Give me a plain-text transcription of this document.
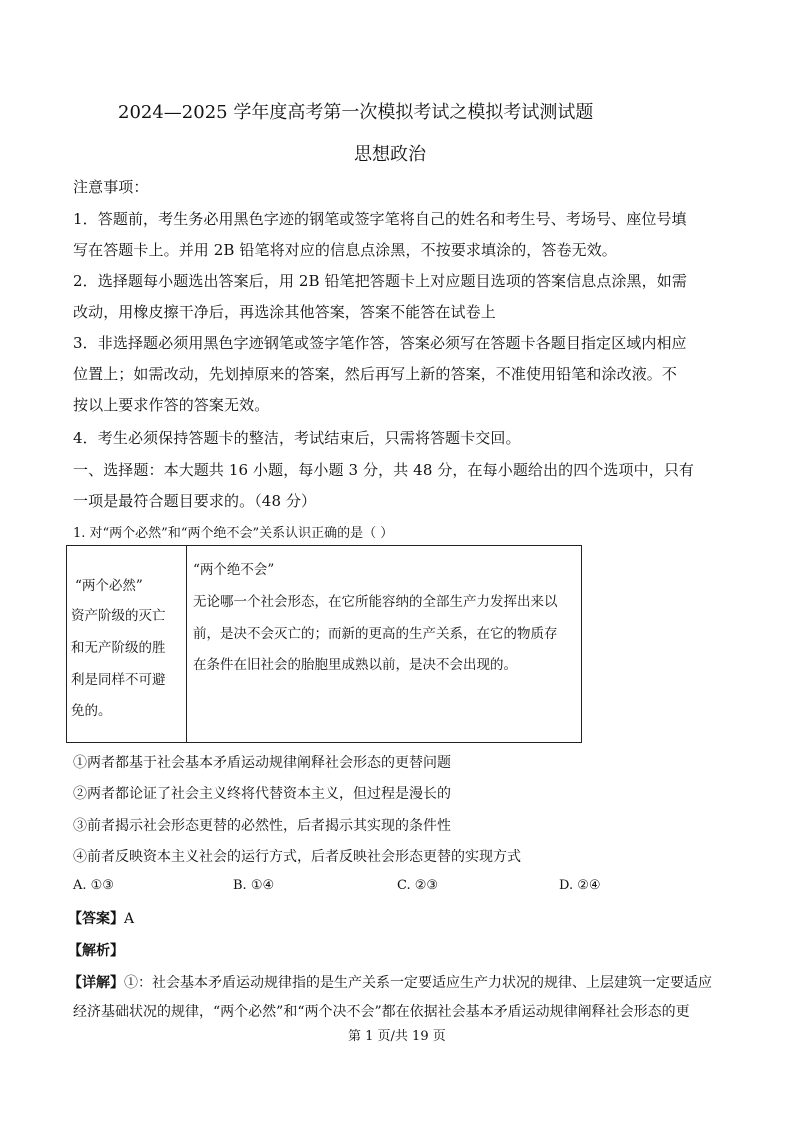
2024—2025 学年度高考第一次模拟考试之模拟考试测试题
思想政治
注意事项：
1．答题前，考生务必用黑色字迹的钢笔或签字笔将自己的姓名和考生号、考场号、座位号填
写在答题卡上。并用 2B 铅笔将对应的信息点涂黑，不按要求填涂的，答卷无效。
2．选择题每小题选出答案后，用 2B 铅笔把答题卡上对应题目选项的答案信息点涂黑，如需
改动，用橡皮擦干净后，再选涂其他答案，答案不能答在试卷上
3．非选择题必须用黑色字迹钢笔或签字笔作答，答案必须写在答题卡各题目指定区域内相应
位置上；如需改动，先划掉原来的答案，然后再写上新的答案，不准使用铅笔和涂改液。不
按以上要求作答的答案无效。
4．考生必须保持答题卡的整洁，考试结束后，只需将答题卡交回。
一、选择题：本大题共 16 小题，每小题 3 分，共 48 分，在每小题给出的四个选项中，只有
一项是最符合题目要求的。（48 分）
1. 对“两个必然”和“两个绝不会”关系认识正确的是（ ）
“两个必然”
资产阶级的灭亡
和无产阶级的胜
利是同样不可避
免的。
“两个绝不会”
无论哪一个社会形态，在它所能容纳的全部生产力发挥出来以
前，是决不会灭亡的；而新的更高的生产关系，在它的物质存
在条件在旧社会的胎胞里成熟以前，是决不会出现的。
①两者都基于社会基本矛盾运动规律阐释社会形态的更替问题
②两者都论证了社会主义终将代替资本主义，但过程是漫长的
③前者揭示社会形态更替的必然性，后者揭示其实现的条件性
④前者反映资本主义社会的运行方式，后者反映社会形态更替的实现方式
A. ①③	B. ①④	C. ②③	D. ②④
【答案】A
【解析】
【详解】①：社会基本矛盾运动规律指的是生产关系一定要适应生产力状况的规律、上层建筑一定要适应
经济基础状况的规律，“两个必然”和“两个决不会”都在依据社会基本矛盾运动规律阐释社会形态的更
第 1 页/共 19 页
